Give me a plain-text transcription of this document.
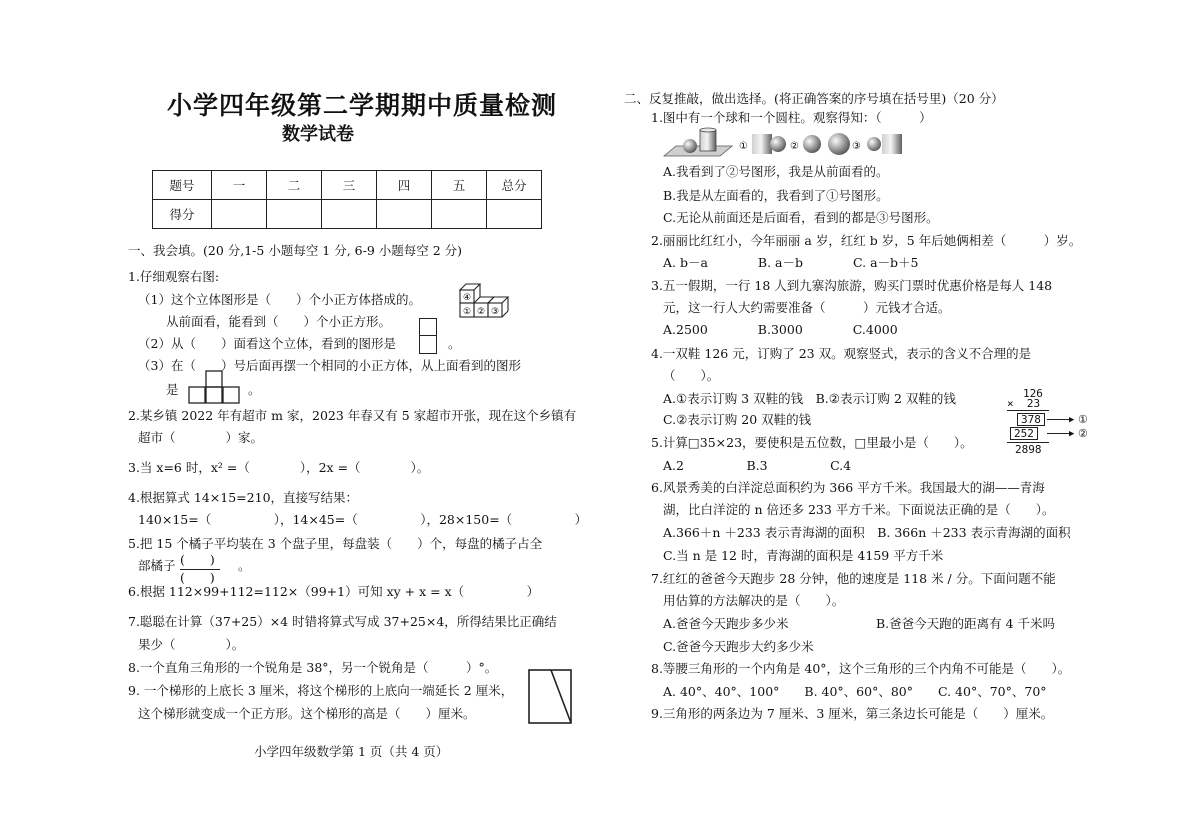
小学四年级第二学期期中质量检测
数学试卷
题号	一	二	三	四	五	总分
得分						
一、我会填。(20 分,1-5 小题每空 1 分, 6-9 小题每空 2 分)
1.仔细观察右图:
（1）这个立体图形是（　　）个小正方体搭成的。
从前面看，能看到（　　）个小正方形。
（2）从（　　）面看这个立体，看到的图形是	。
（3）在（　　）号后面再摆一个相同的小正方体，从上面看到的图形
是	。
④
① ② ③
2.某乡镇 2022 年有超市 m 家，2023 年春又有 5 家超市开张，现在这个乡镇有
超市（　　　　）家。
3.当 x=6 时，x² =（　　　　），2x =（　　　　）。
4.根据算式 14×15=210，直接写结果：
140×15=（　　　　　），14×45=（　　　　　），28×150=（　　　　　）
5.把 15 个橘子平均装在 3 个盘子里，每盘装（　　）个，每盘的橘子占全
部橘子 (　　)
(　　)
。
6.根据 112×99+112=112×（99+1）可知 xy + x = x（　　　　　）
7.聪聪在计算（37+25）×4 时错将算式写成 37+25×4，所得结果比正确结
果少（　　　　）。
8.一个直角三角形的一个锐角是 38°，另一个锐角是（　　　）°。
9. 一个梯形的上底长 3 厘米，将这个梯形的上底向一端延长 2 厘米，
这个梯形就变成一个正方形。这个梯形的高是（　　）厘米。
小学四年级数学第 1 页（共 4 页）
二、反复推敲，做出选择。(将正确答案的序号填在括号里)（20 分）
1.图中有一个球和一个圆柱。观察得知：（　　　）
①	②	③
A.我看到了②号图形，我是从前面看的。
B.我是从左面看的，我看到了①号图形。
C.无论从前面还是后面看，看到的都是③号图形。
2.丽丽比红红小，今年丽丽 a 岁，红红 b 岁，5 年后她俩相差（　　　）岁。
A. b－a　　　　B. a－b　　　　C. a－b＋5
3.五一假期，一行 18 人到九寨沟旅游，购买门票时优惠价格是每人 148
元，这一行人大约需要准备（　　　）元钱才合适。
A.2500　　　　B.3000　　　　C.4000
4.一双鞋 126 元，订购了 23 双。观察竖式，表示的含义不合理的是
（　　）。
A.①表示订购 3 双鞋的钱　B.②表示订购 2 双鞋的钱
C.②表示订购 20 双鞋的钱
126
×  23
378
252
2898
▶ ①
▶ ②
5.计算□35×23，要使积是五位数，□里最小是（　　）。
A.2　　　　　B.3　　　　　C.4
6.风景秀美的白洋淀总面积约为 366 平方千米。我国最大的湖——青海
湖，比白洋淀的 n 倍还多 233 平方千米。下面说法正确的是（　　）。
A.366＋n ＋233 表示青海湖的面积　B. 366n ＋233 表示青海湖的面积
C.当 n 是 12 时，青海湖的面积是 4159 平方千米
7.红红的爸爸今天跑步 28 分钟，他的速度是 118 米 / 分。下面问题不能
用估算的方法解决的是（　　）。
A.爸爸今天跑步多少米	B.爸爸今天跑的距离有 4 千米吗
C.爸爸今天跑步大约多少米
8.等腰三角形的一个内角是 40°，这个三角形的三个内角不可能是（　　）。
A. 40°、40°、100°　　B. 40°、60°、80°　　C. 40°、70°、70°
9.三角形的两条边为 7 厘米、3 厘米，第三条边长可能是（　　）厘米。
